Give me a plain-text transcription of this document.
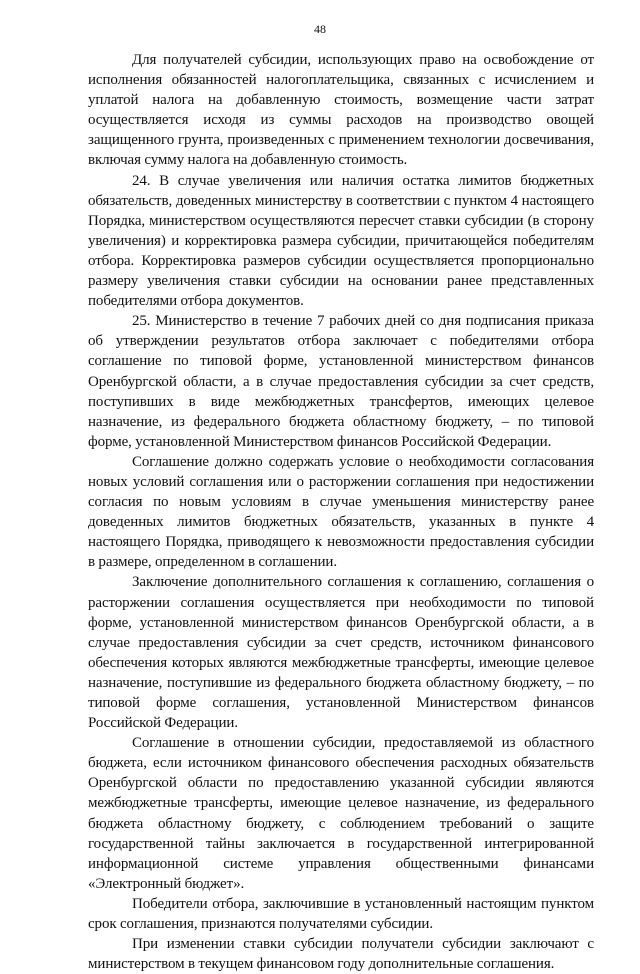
48

Для получателей субсидии, использующих право на освобождение от исполнения обязанностей налогоплательщика, связанных с исчислением и уплатой налога на добавленную стоимость, возмещение части затрат осуществляется исходя из суммы расходов на производство овощей защищенного грунта, произведенных с применением технологии досвечивания, включая сумму налога на добавленную стоимость.

24. В случае увеличения или наличия остатка лимитов бюджетных обязательств, доведенных министерству в соответствии с пунктом 4 настоящего Порядка, министерством осуществляются пересчет ставки субсидии (в сторону увеличения) и корректировка размера субсидии, причитающейся победителям отбора. Корректировка размеров субсидии осуществляется пропорционально размеру увеличения ставки субсидии на основании ранее представленных победителями отбора документов.

25. Министерство в течение 7 рабочих дней со дня подписания приказа об утверждении результатов отбора заключает с победителями отбора соглашение по типовой форме, установленной министерством финансов Оренбургской области, а в случае предоставления субсидии за счет средств, поступивших в виде межбюджетных трансфертов, имеющих целевое назначение, из федерального бюджета областному бюджету, – по типовой форме, установленной Министерством финансов Российской Федерации.

Соглашение должно содержать условие о необходимости согласования новых условий соглашения или о расторжении соглашения при недостижении согласия по новым условиям в случае уменьшения министерству ранее доведенных лимитов бюджетных обязательств, указанных в пункте 4 настоящего Порядка, приводящего к невозможности предоставления субсидии в размере, определенном в соглашении.

Заключение дополнительного соглашения к соглашению, соглашения о расторжении соглашения осуществляется при необходимости по типовой форме, установленной министерством финансов Оренбургской области, а в случае предоставления субсидии за счет средств, источником финансового обеспечения которых являются межбюджетные трансферты, имеющие целевое назначение, поступившие из федерального бюджета областному бюджету, – по типовой форме соглашения, установленной Министерством финансов Российской Федерации.

Соглашение в отношении субсидии, предоставляемой из областного бюджета, если источником финансового обеспечения расходных обязательств Оренбургской области по предоставлению указанной субсидии являются межбюджетные трансферты, имеющие целевое назначение, из федерального бюджета областному бюджету, с соблюдением требований о защите государственной тайны заключается в государственной интегрированной информационной системе управления общественными финансами «Электронный бюджет».

Победители отбора, заключившие в установленный настоящим пунктом срок соглашения, признаются получателями субсидии.

При изменении ставки субсидии получатели субсидии заключают с министерством в текущем финансовом году дополнительные соглашения.
